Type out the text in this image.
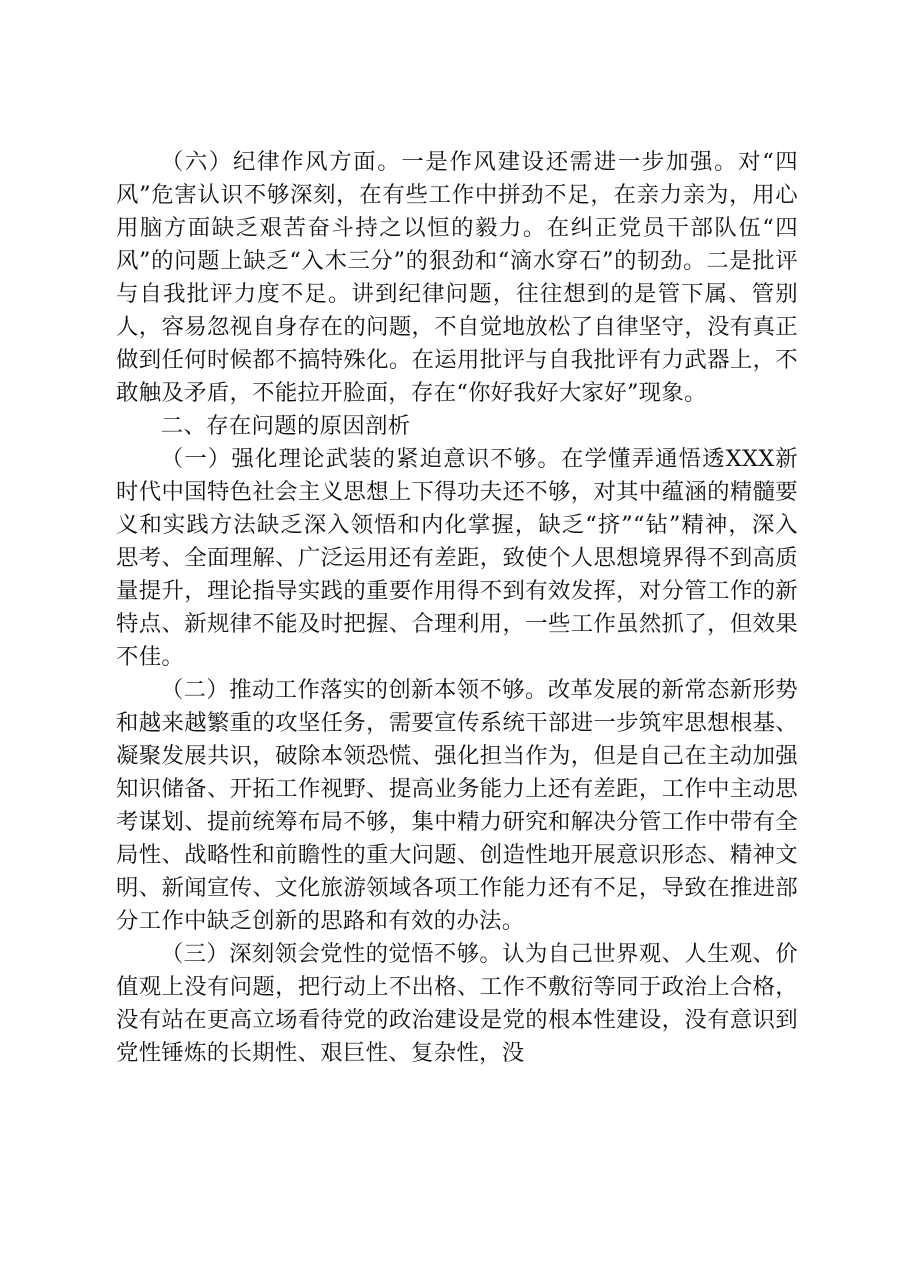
（六）纪律作风方面。一是作风建设还需进一步加强。对“四风”危害认识不够深刻，在有些工作中拼劲不足，在亲力亲为，用心用脑方面缺乏艰苦奋斗持之以恒的毅力。在纠正党员干部队伍“四风”的问题上缺乏“入木三分”的狠劲和“滴水穿石”的韧劲。二是批评与自我批评力度不足。讲到纪律问题，往往想到的是管下属、管别人，容易忽视自身存在的问题，不自觉地放松了自律坚守，没有真正做到任何时候都不搞特殊化。在运用批评与自我批评有力武器上，不敢触及矛盾，不能拉开脸面，存在“你好我好大家好”现象。

二、存在问题的原因剖析

（一）强化理论武装的紧迫意识不够。在学懂弄通悟透XXX新时代中国特色社会主义思想上下得功夫还不够，对其中蕴涵的精髓要义和实践方法缺乏深入领悟和内化掌握，缺乏“挤”“钻”精神，深入思考、全面理解、广泛运用还有差距，致使个人思想境界得不到高质量提升，理论指导实践的重要作用得不到有效发挥，对分管工作的新特点、新规律不能及时把握、合理利用，一些工作虽然抓了，但效果不佳。

（二）推动工作落实的创新本领不够。改革发展的新常态新形势和越来越繁重的攻坚任务，需要宣传系统干部进一步筑牢思想根基、凝聚发展共识，破除本领恐慌、强化担当作为，但是自己在主动加强知识储备、开拓工作视野、提高业务能力上还有差距，工作中主动思考谋划、提前统筹布局不够，集中精力研究和解决分管工作中带有全局性、战略性和前瞻性的重大问题、创造性地开展意识形态、精神文明、新闻宣传、文化旅游领域各项工作能力还有不足，导致在推进部分工作中缺乏创新的思路和有效的办法。

（三）深刻领会党性的觉悟不够。认为自己世界观、人生观、价值观上没有问题，把行动上不出格、工作不敷衍等同于政治上合格，没有站在更高立场看待党的政治建设是党的根本性建设，没有意识到党性锤炼的长期性、艰巨性、复杂性，没
